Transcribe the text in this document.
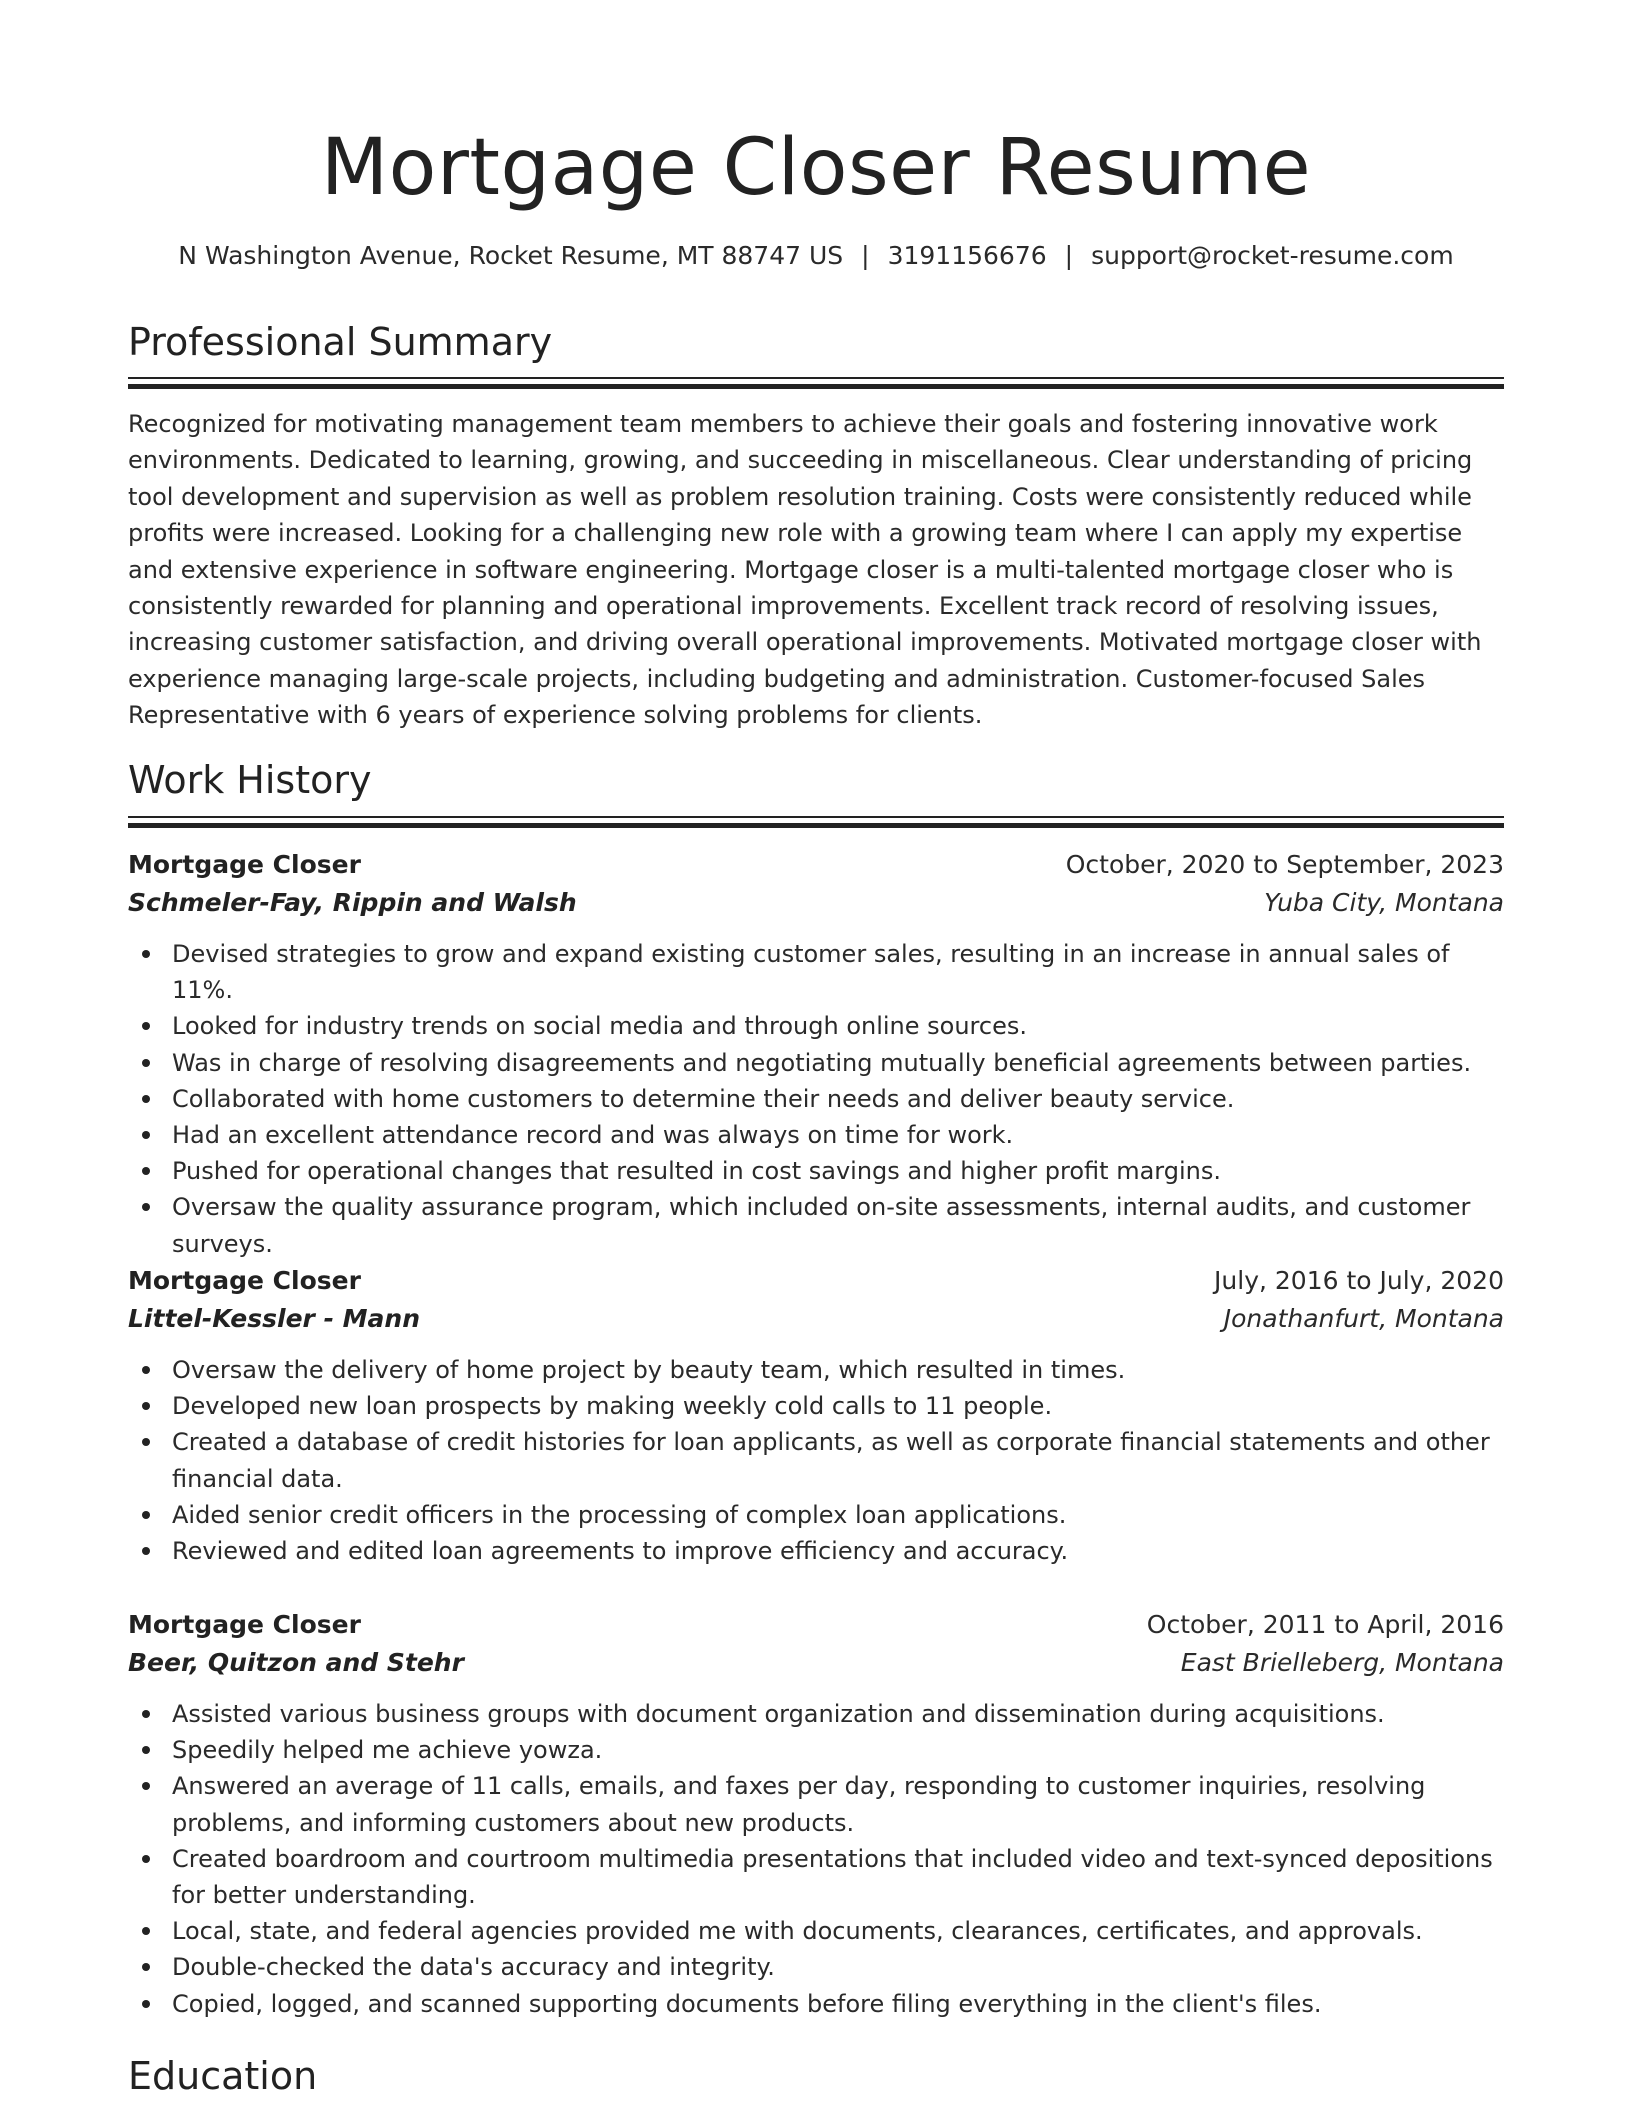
Mortgage Closer Resume
N Washington Avenue, Rocket Resume, MT 88747 US | 3191156676 | support@rocket-resume.com
Professional Summary
Recognized for motivating management team members to achieve their goals and fostering innovative work environments. Dedicated to learning, growing, and succeeding in miscellaneous. Clear understanding of pricing tool development and supervision as well as problem resolution training. Costs were consistently reduced while profits were increased. Looking for a challenging new role with a growing team where I can apply my expertise and extensive experience in software engineering. Mortgage closer is a multi-talented mortgage closer who is consistently rewarded for planning and operational improvements. Excellent track record of resolving issues, increasing customer satisfaction, and driving overall operational improvements. Motivated mortgage closer with experience managing large-scale projects, including budgeting and administration. Customer-focused Sales Representative with 6 years of experience solving problems for clients.
Work History
Mortgage Closer	October, 2020 to September, 2023
Schmeler-Fay, Rippin and Walsh	Yuba City, Montana
Devised strategies to grow and expand existing customer sales, resulting in an increase in annual sales of 11%.
Looked for industry trends on social media and through online sources.
Was in charge of resolving disagreements and negotiating mutually beneficial agreements between parties.
Collaborated with home customers to determine their needs and deliver beauty service.
Had an excellent attendance record and was always on time for work.
Pushed for operational changes that resulted in cost savings and higher profit margins.
Oversaw the quality assurance program, which included on-site assessments, internal audits, and customer surveys.
Mortgage Closer	July, 2016 to July, 2020
Littel-Kessler - Mann	Jonathanfurt, Montana
Oversaw the delivery of home project by beauty team, which resulted in times.
Developed new loan prospects by making weekly cold calls to 11 people.
Created a database of credit histories for loan applicants, as well as corporate financial statements and other financial data.
Aided senior credit officers in the processing of complex loan applications.
Reviewed and edited loan agreements to improve efficiency and accuracy.
Mortgage Closer	October, 2011 to April, 2016
Beer, Quitzon and Stehr	East Brielleberg, Montana
Assisted various business groups with document organization and dissemination during acquisitions.
Speedily helped me achieve yowza.
Answered an average of 11 calls, emails, and faxes per day, responding to customer inquiries, resolving problems, and informing customers about new products.
Created boardroom and courtroom multimedia presentations that included video and text-synced depositions for better understanding.
Local, state, and federal agencies provided me with documents, clearances, certificates, and approvals.
Double-checked the data's accuracy and integrity.
Copied, logged, and scanned supporting documents before filing everything in the client's files.
Education
